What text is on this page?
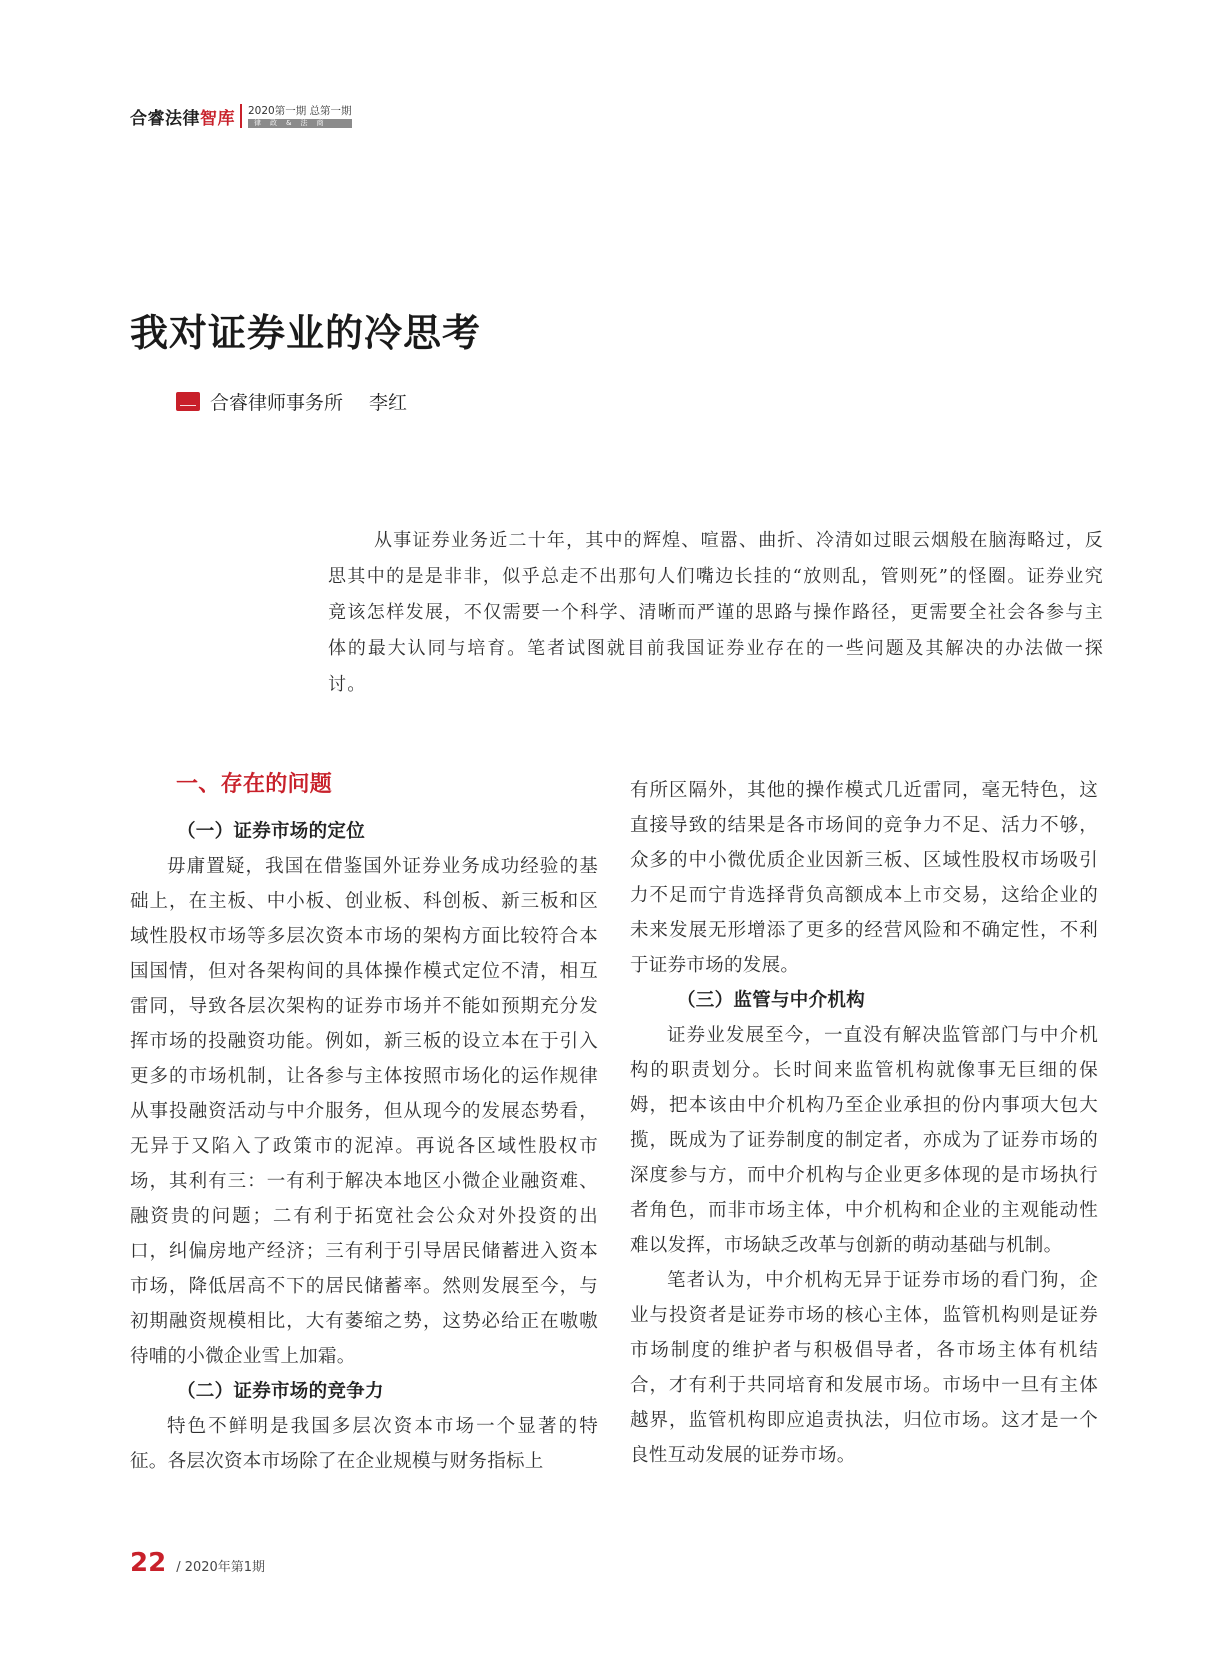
合睿法律智库 2020第一期 总第一期
律政&法商
我对证券业的冷思考
合睿律师事务所 李红
从事证券业务近二十年，其中的辉煌、喧嚣、曲折、冷清如过眼云烟般在脑海略过，反思其中的是是非非，似乎总走不出那句人们嘴边长挂的“放则乱，管则死”的怪圈。证券业究竟该怎样发展，不仅需要一个科学、清晰而严谨的思路与操作路径，更需要全社会各参与主体的最大认同与培育。笔者试图就目前我国证券业存在的一些问题及其解决的办法做一探讨。
一、存在的问题
（一）证券市场的定位

毋庸置疑，我国在借鉴国外证券业务成功经验的基础上，在主板、中小板、创业板、科创板、新三板和区域性股权市场等多层次资本市场的架构方面比较符合本国国情，但对各架构间的具体操作模式定位不清，相互雷同，导致各层次架构的证券市场并不能如预期充分发挥市场的投融资功能。例如，新三板的设立本在于引入更多的市场机制，让各参与主体按照市场化的运作规律从事投融资活动与中介服务，但从现今的发展态势看，无异于又陷入了政策市的泥淖。再说各区域性股权市场，其利有三：一有利于解决本地区小微企业融资难、融资贵的问题；二有利于拓宽社会公众对外投资的出口，纠偏房地产经济；三有利于引导居民储蓄进入资本市场，降低居高不下的居民储蓄率。然则发展至今，与初期融资规模相比，大有萎缩之势，这势必给正在嗷嗷待哺的小微企业雪上加霜。

（二）证券市场的竞争力

特色不鲜明是我国多层次资本市场一个显著的特征。各层次资本市场除了在企业规模与财务指标上

有所区隔外，其他的操作模式几近雷同，毫无特色，这直接导致的结果是各市场间的竞争力不足、活力不够，众多的中小微优质企业因新三板、区域性股权市场吸引力不足而宁肯选择背负高额成本上市交易，这给企业的未来发展无形增添了更多的经营风险和不确定性，不利于证券市场的发展。

（三）监管与中介机构

证券业发展至今，一直没有解决监管部门与中介机构的职责划分。长时间来监管机构就像事无巨细的保姆，把本该由中介机构乃至企业承担的份内事项大包大揽，既成为了证券制度的制定者，亦成为了证券市场的深度参与方，而中介机构与企业更多体现的是市场执行者角色，而非市场主体，中介机构和企业的主观能动性难以发挥，市场缺乏改革与创新的萌动基础与机制。

笔者认为，中介机构无异于证券市场的看门狗，企业与投资者是证券市场的核心主体，监管机构则是证券市场制度的维护者与积极倡导者，各市场主体有机结合，才有利于共同培育和发展市场。市场中一旦有主体越界，监管机构即应追责执法，归位市场。这才是一个良性互动发展的证券市场。

22 / 2020年第1期
